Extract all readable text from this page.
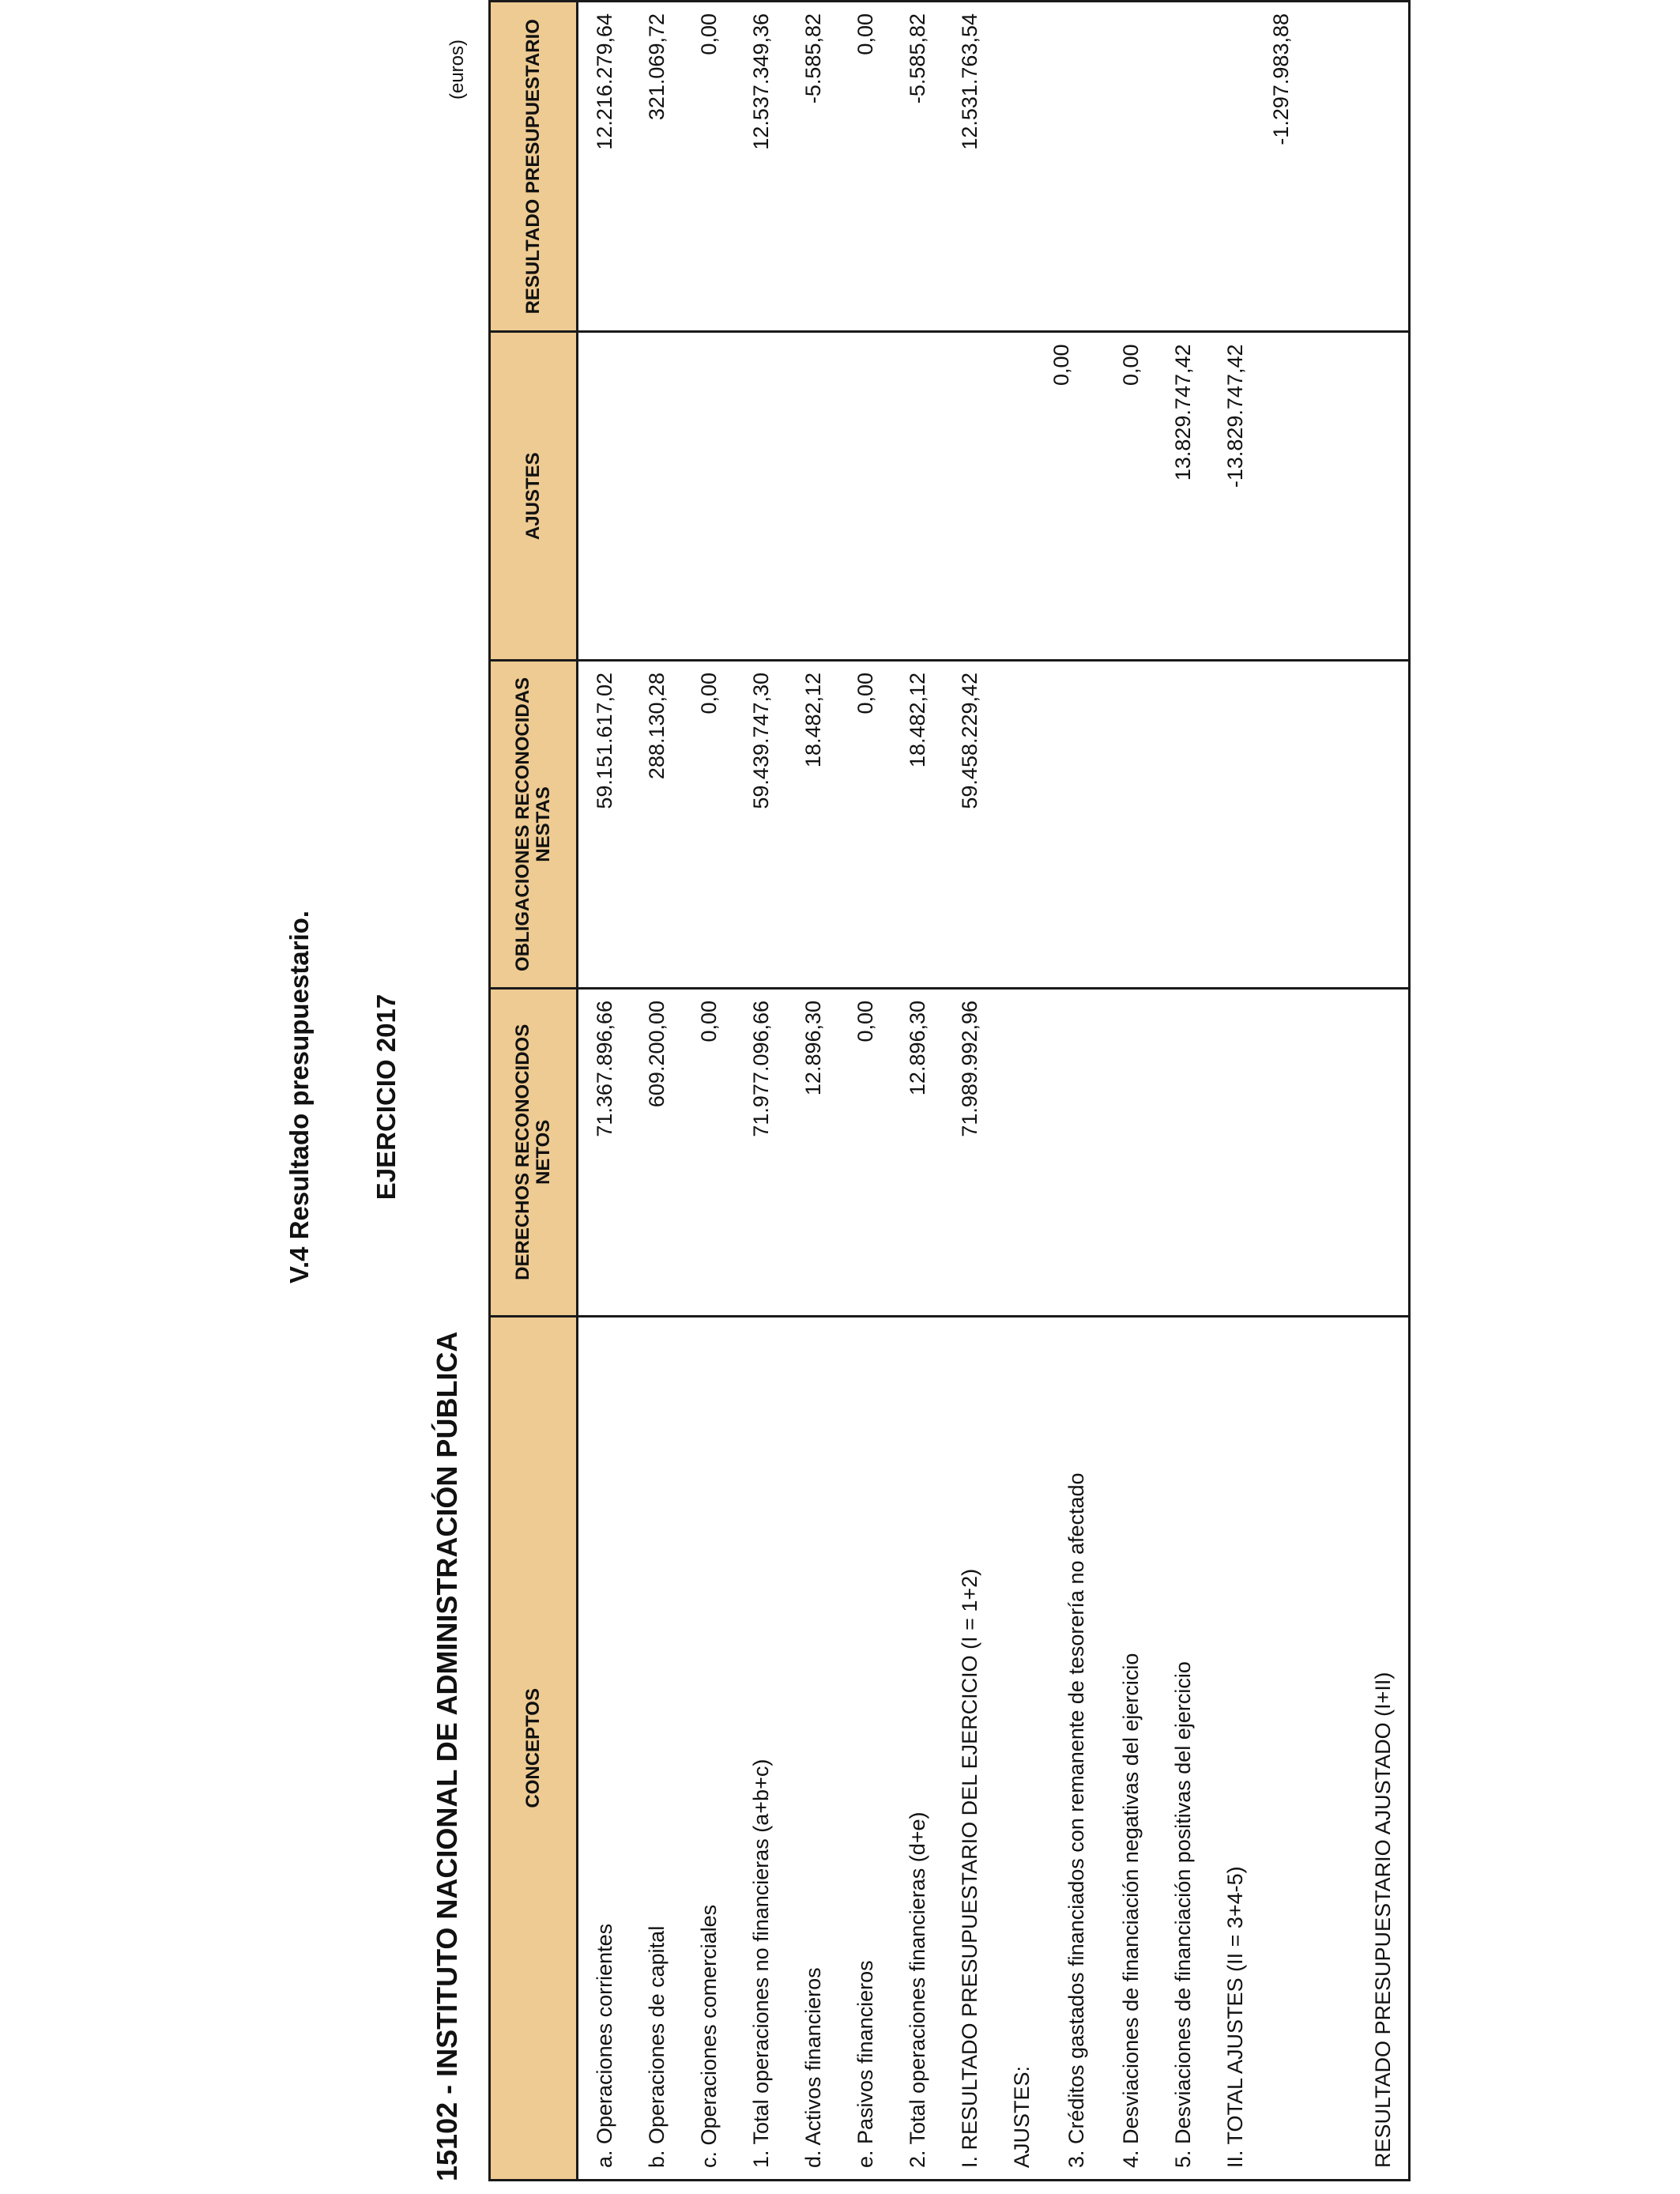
V.4 Resultado presupuestario. EJERCICIO 2017
15102 - INSTITUTO NACIONAL DE ADMINISTRACIÓN PÚBLICA
(euros)
CONCEPTOS	DERECHOS RECONOCIDOS NETOS	OBLIGACIONES RECONOCIDAS NESTAS	AJUSTES	RESULTADO PRESUPUESTARIO
a. Operaciones corrientes	71.367.896,66	59.151.617,02		12.216.279,64
b. Operaciones de capital	609.200,00	288.130,28		321.069,72
c. Operaciones comerciales	0,00	0,00		0,00
1. Total operaciones no financieras (a+b+c)	71.977.096,66	59.439.747,30		12.537.349,36
d. Activos financieros	12.896,30	18.482,12		-5.585,82
e. Pasivos financieros	0,00	0,00		0,00
2. Total operaciones financieras (d+e)	12.896,30	18.482,12		-5.585,82
I. RESULTADO PRESUPUESTARIO DEL EJERCICIO (I = 1+2)	71.989.992,96	59.458.229,42		12.531.763,54
AJUSTES:				
3. Créditos gastados financiados con remanente de tesorería no afectado			0,00	
4. Desviaciones de financiación negativas del ejercicio			0,00	
5. Desviaciones de financiación positivas del ejercicio			13.829.747,42	
II. TOTAL AJUSTES (II = 3+4-5)			-13.829.747,42	
RESULTADO PRESUPUESTARIO AJUSTADO (I+II)				-1.297.983,88
